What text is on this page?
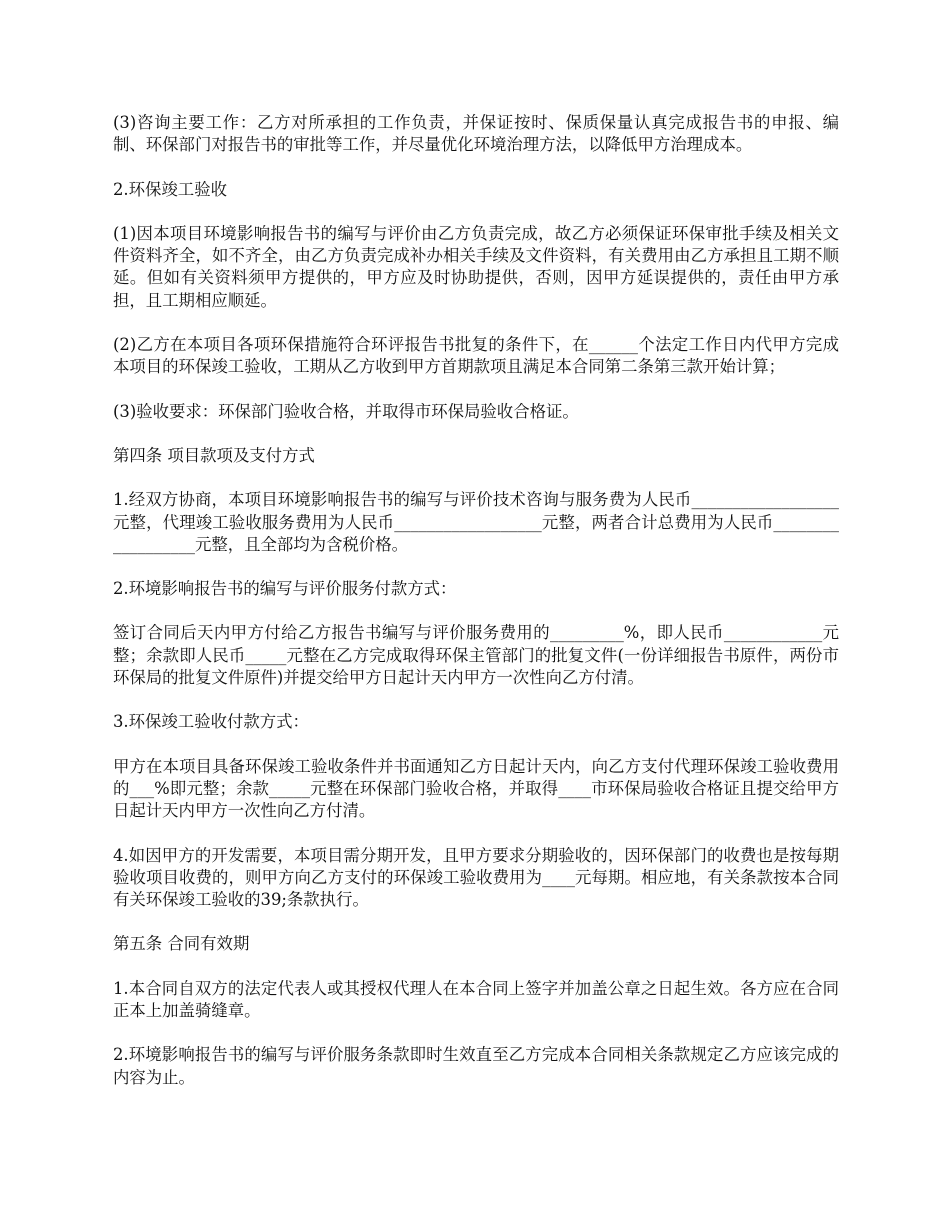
(3)咨询主要工作：乙方对所承担的工作负责，并保证按时、保质保量认真完成报告书的申报、编制、环保部门对报告书的审批等工作，并尽量优化环境治理方法，以降低甲方治理成本。

2.环保竣工验收

(1)因本项目环境影响报告书的编写与评价由乙方负责完成，故乙方必须保证环保审批手续及相关文件资料齐全，如不齐全，由乙方负责完成补办相关手续及文件资料，有关费用由乙方承担且工期不顺延。但如有关资料须甲方提供的，甲方应及时协助提供，否则，因甲方延误提供的，责任由甲方承担，且工期相应顺延。

(2)乙方在本项目各项环保措施符合环评报告书批复的条件下，在______个法定工作日内代甲方完成本项目的环保竣工验收，工期从乙方收到甲方首期款项且满足本合同第二条第三款开始计算；

(3)验收要求：环保部门验收合格，并取得市环保局验收合格证。

第四条 项目款项及支付方式

1.经双方协商，本项目环境影响报告书的编写与评价技术咨询与服务费为人民币__________________元整，代理竣工验收服务费用为人民币__________________元整，两者合计总费用为人民币__________________元整，且全部均为含税价格。

2.环境影响报告书的编写与评价服务付款方式：

签订合同后天内甲方付给乙方报告书编写与评价服务费用的_________%，即人民币____________元整；余款即人民币_____元整在乙方完成取得环保主管部门的批复文件(一份详细报告书原件，两份市环保局的批复文件原件)并提交给甲方日起计天内甲方一次性向乙方付清。

3.环保竣工验收付款方式：

甲方在本项目具备环保竣工验收条件并书面通知乙方日起计天内，向乙方支付代理环保竣工验收费用的___%即元整；余款_____元整在环保部门验收合格，并取得____市环保局验收合格证且提交给甲方日起计天内甲方一次性向乙方付清。

4.如因甲方的开发需要，本项目需分期开发，且甲方要求分期验收的，因环保部门的收费也是按每期验收项目收费的，则甲方向乙方支付的环保竣工验收费用为____元每期。相应地，有关条款按本合同有关环保竣工验收的39;条款执行。

第五条 合同有效期

1.本合同自双方的法定代表人或其授权代理人在本合同上签字并加盖公章之日起生效。各方应在合同正本上加盖骑缝章。

2.环境影响报告书的编写与评价服务条款即时生效直至乙方完成本合同相关条款规定乙方应该完成的内容为止。
